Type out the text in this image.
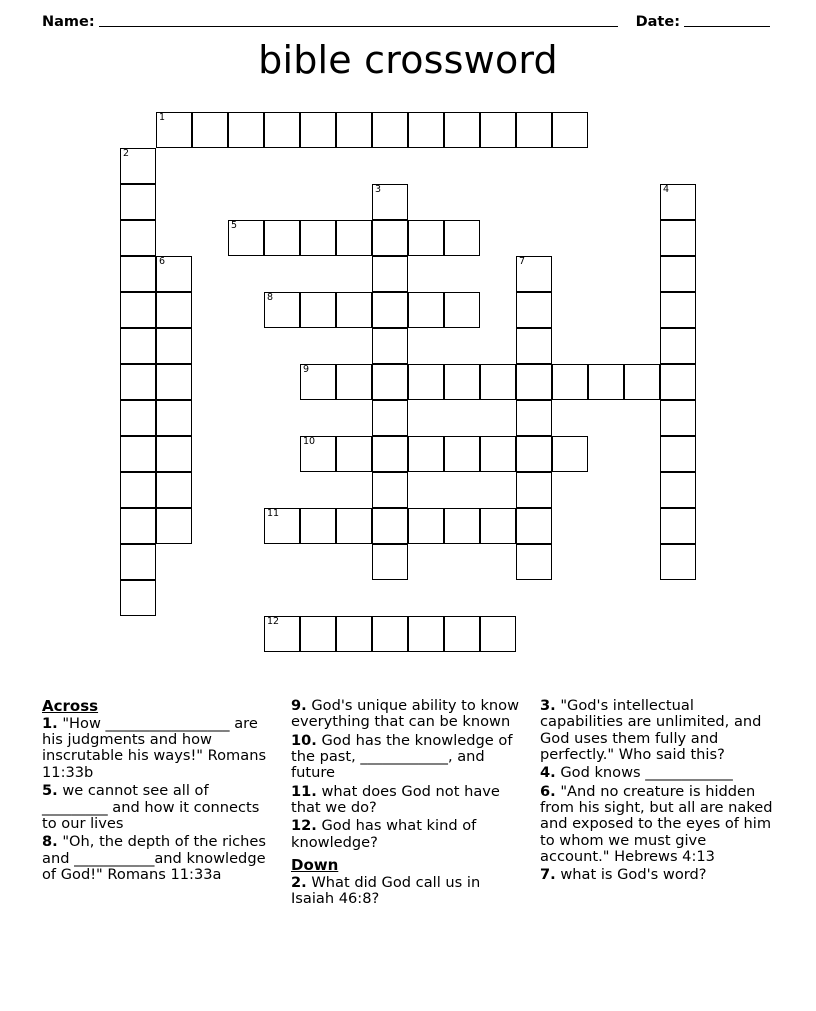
Name:	Date:
bible crossword
1
2
3	4
5
6	7
8
9
10
11
12
Across
1. "How _________________ are his judgments and how inscrutable his ways!" Romans 11:33b
5. we cannot see all of _________ and how it connects to our lives
8. "Oh, the depth of the riches and ___________and knowledge of God!" Romans 11:33a
9. God's unique ability to know everything that can be known
10. God has the knowledge of the past, ____________, and future
11. what does God not have that we do?
12. God has what kind of knowledge?
Down
2. What did God call us in Isaiah 46:8?
3. "God's intellectual capabilities are unlimited, and God uses them fully and perfectly." Who said this?
4. God knows ____________
6. "And no creature is hidden from his sight, but all are naked and exposed to the eyes of him to whom we must give account." Hebrews 4:13
7. what is God's word?
